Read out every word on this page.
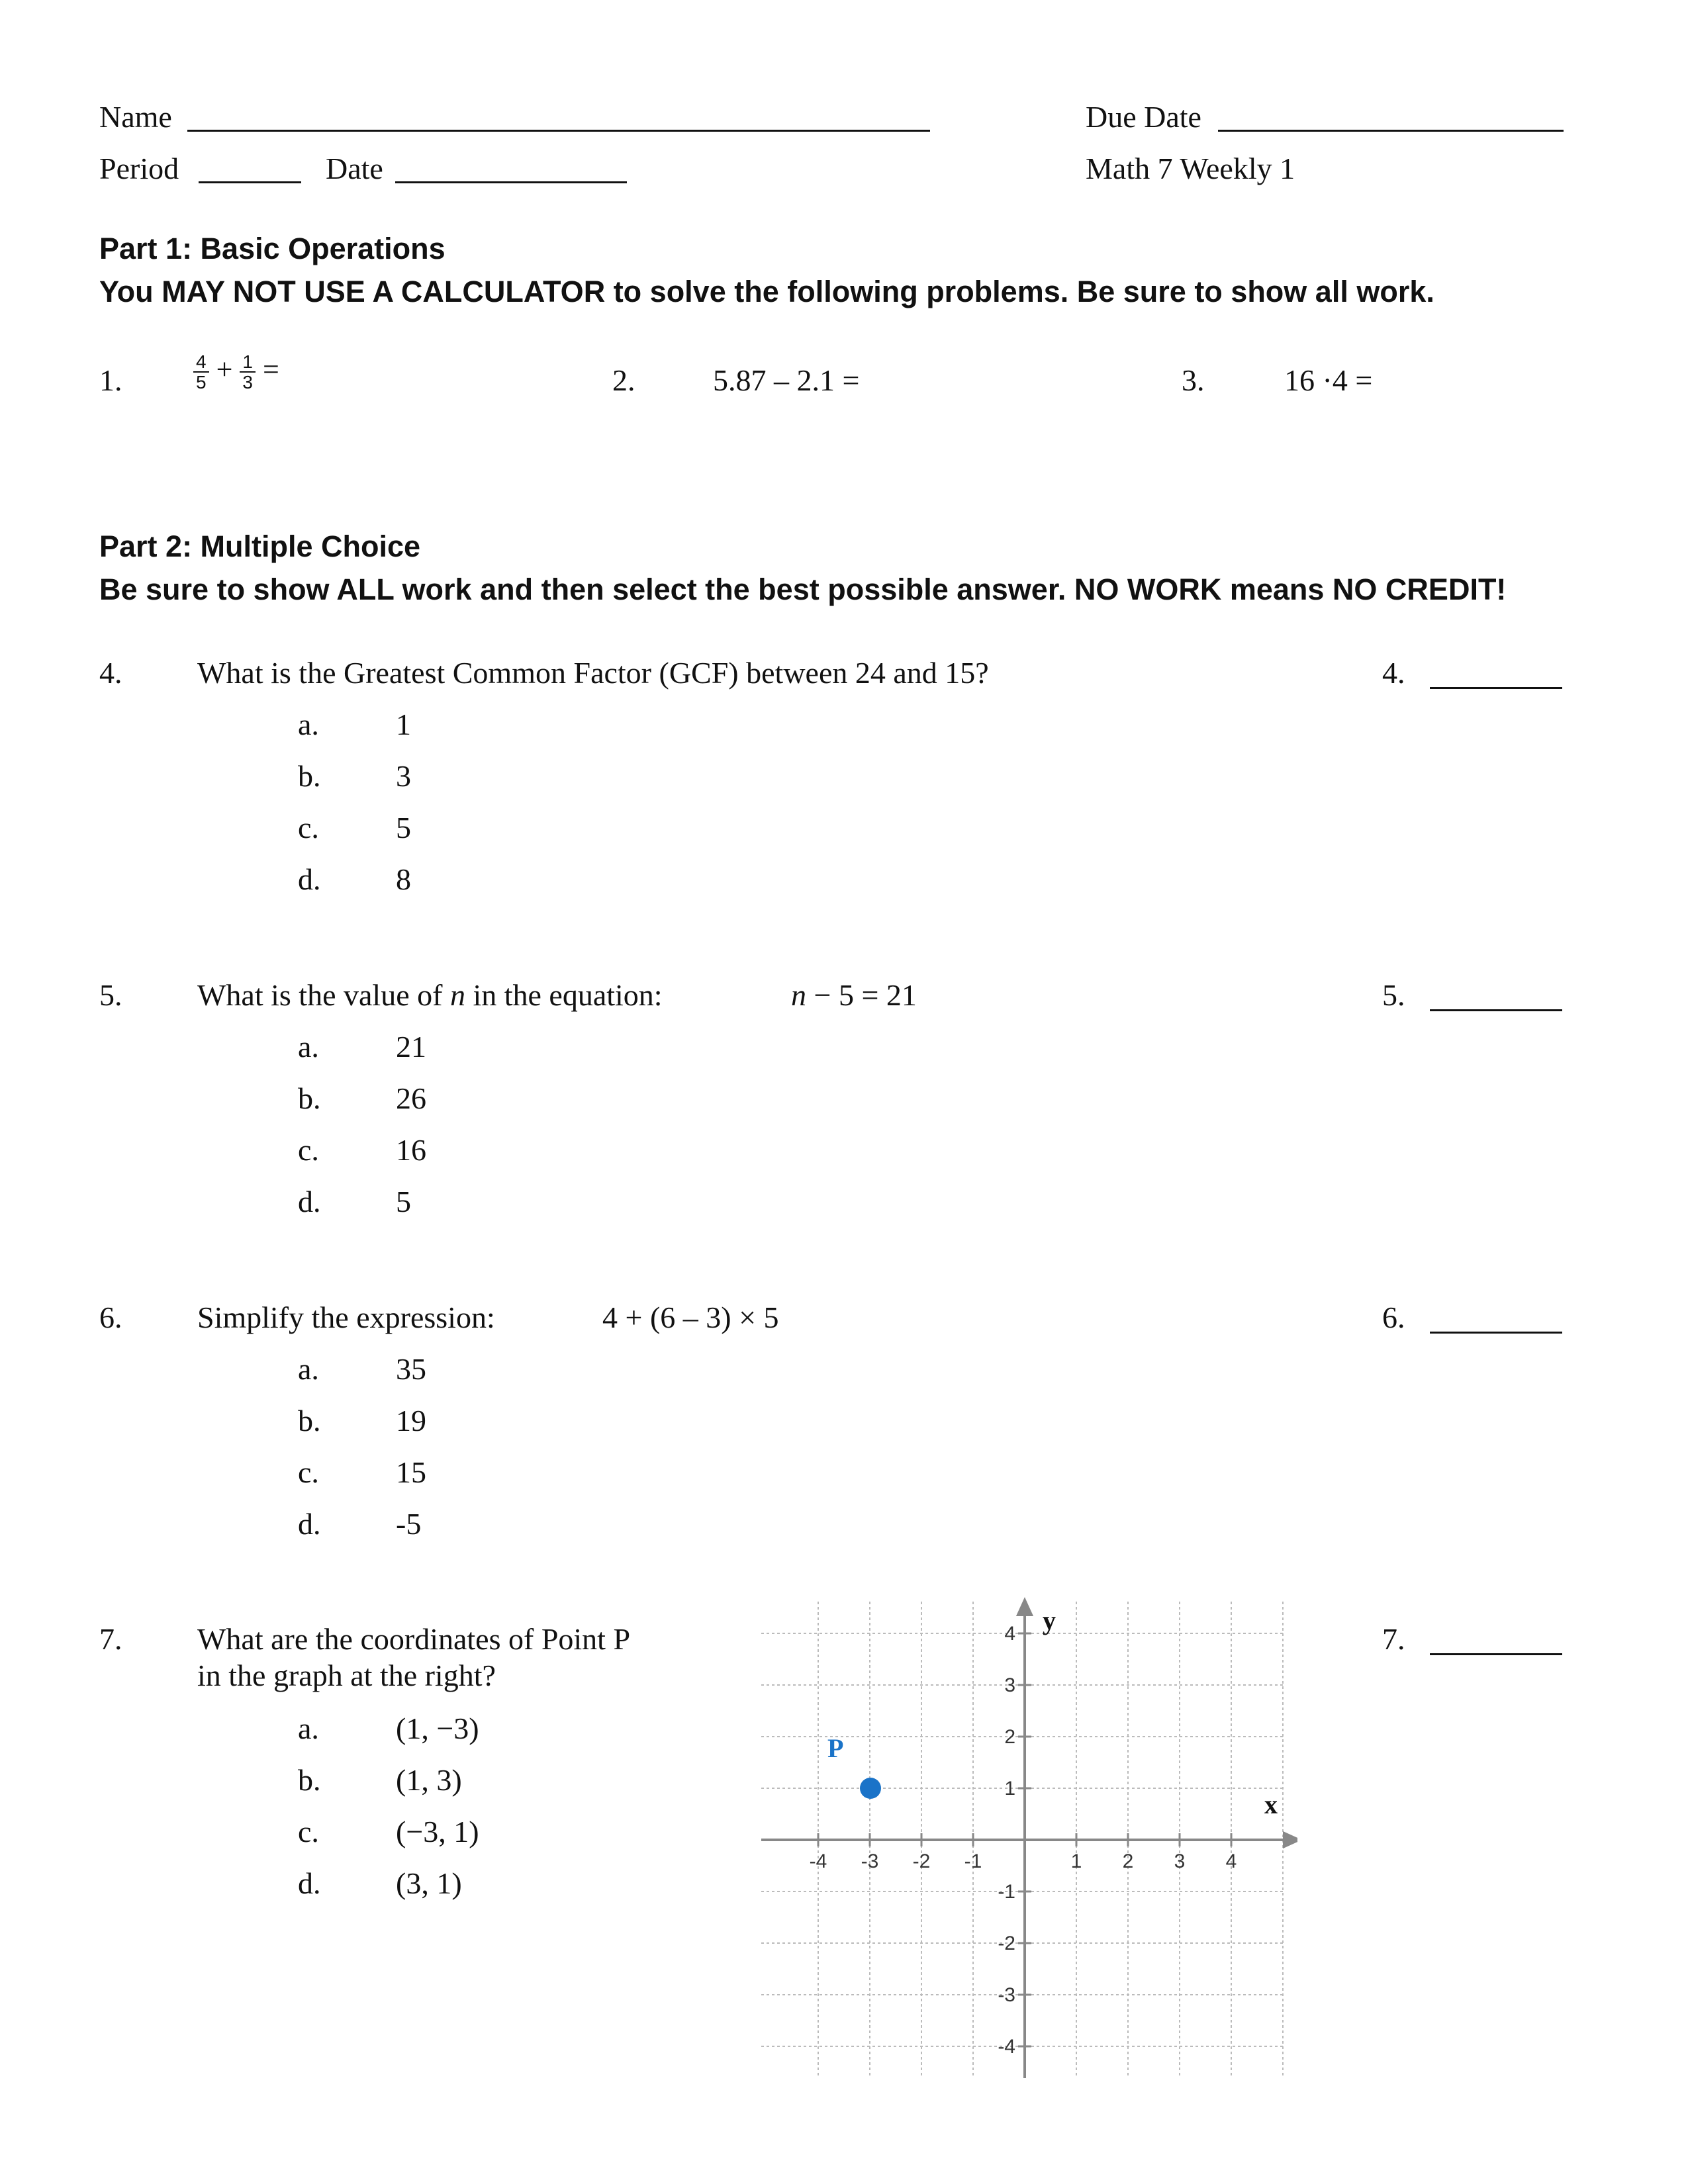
Name	Due Date
Period	Date	Math 7 Weekly 1
Part 1: Basic Operations
You MAY NOT USE A CALCULATOR to solve the following problems. Be sure to show all work.
1.	$\frac{4}{5} + \frac{1}{3}$ =	2.	5.87 – 2.1 =	3.	16 ·4 =
Part 2: Multiple Choice
Be sure to show ALL work and then select the best possible answer. NO WORK means NO CREDIT!
4. What is the Greatest Common Factor (GCF) between 24 and 15?	4.
a.	1
b. 3
c.	5
d. 8
5. What is the value of n in the equation:	n − 5 = 21	5.
a.	21
b. 26
c.	16
d. 5
6. Simplify the expression:	4 + (6 – 3) × 5	6.
a.	35
b. 19
c.	15
d. -5
7. What are the coordinates of Point P
in the graph at the right?
7.
a.	(1, −3)
b. (1, 3)
c.	(−3, 1)
d. (3, 1)
-4 -3 -2 -1	1 2 3 4
4
3
2
1
-1
-2
-3
-4
x
y
P
